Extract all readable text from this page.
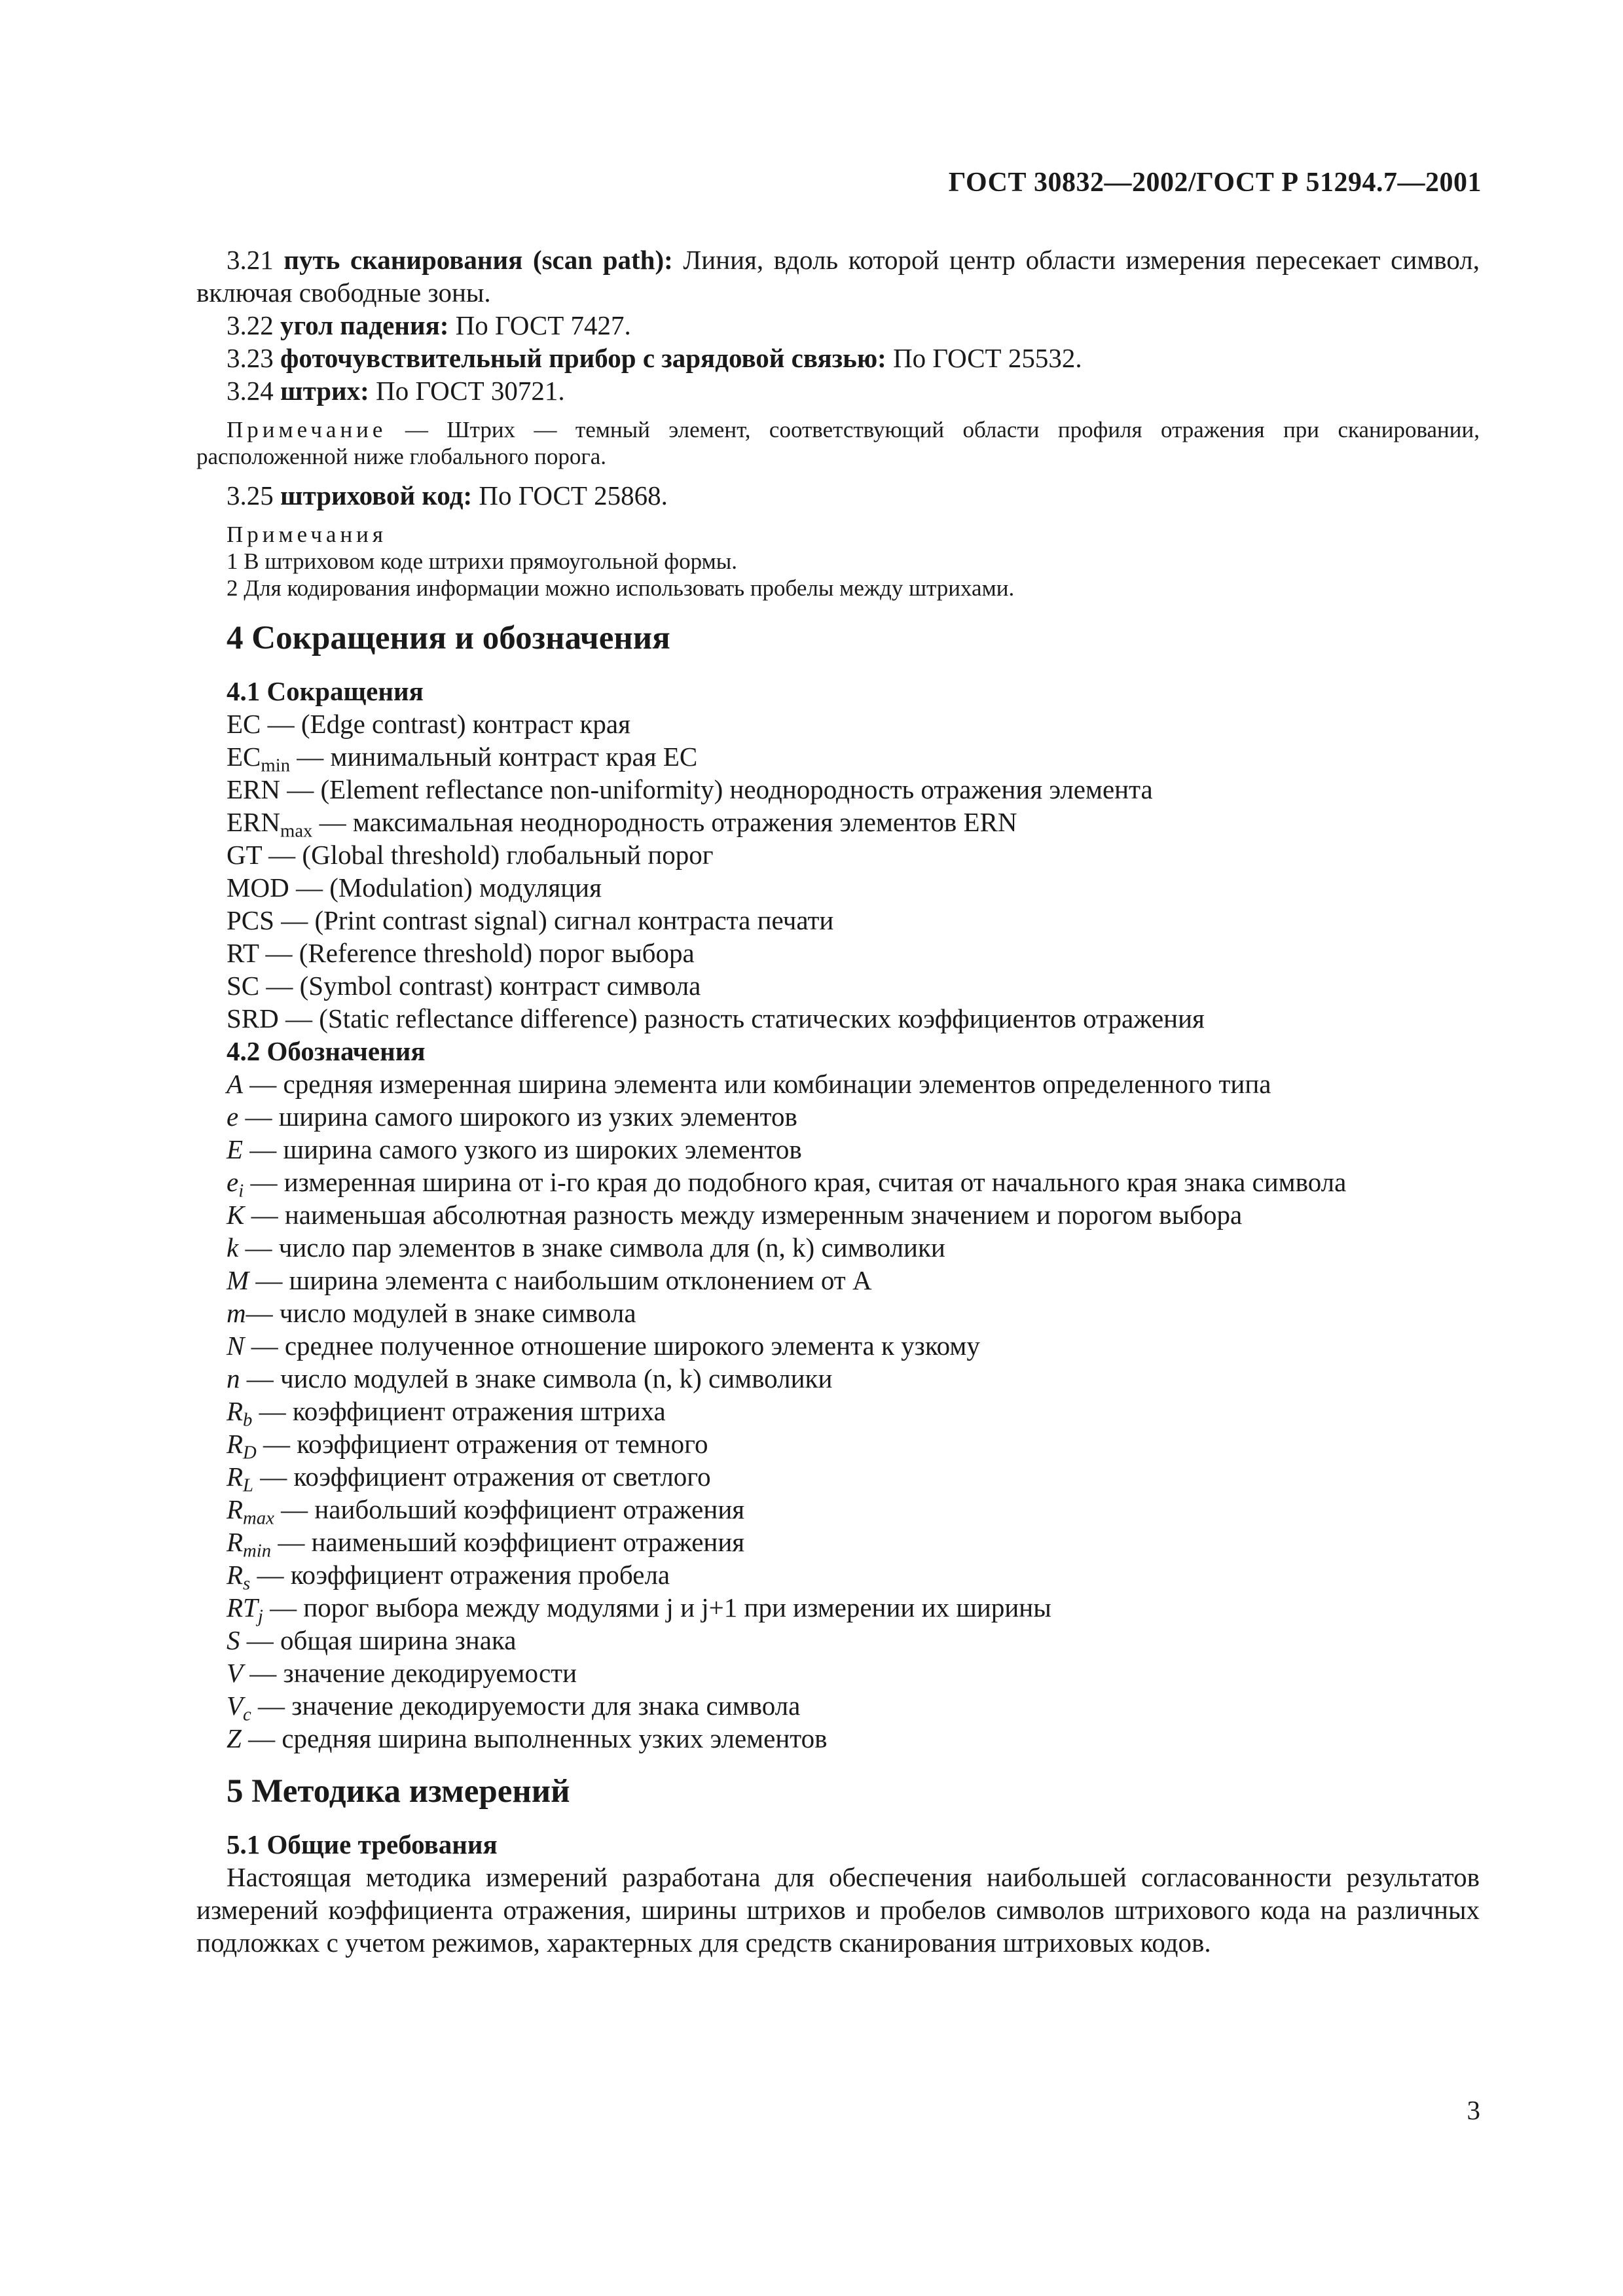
ГОСТ 30832—2002/ГОСТ Р 51294.7—2001

3.21 путь сканирования (scan path): Линия, вдоль которой центр области измерения пересекает символ, включая свободные зоны.

3.22 угол падения: По ГОСТ 7427.

3.23 фоточувствительный прибор с зарядовой связью: По ГОСТ 25532.

3.24 штрих: По ГОСТ 30721.

Примечание — Штрих — темный элемент, соответствующий области профиля отражения при сканировании, расположенной ниже глобального порога.

3.25 штриховой код: По ГОСТ 25868.

Примечания

1 В штриховом коде штрихи прямоугольной формы.

2 Для кодирования информации можно использовать пробелы между штрихами.

4 Сокращения и обозначения

4.1 Сокращения

EC — (Edge contrast) контраст края

$EC_{min}$ — минимальный контраст края EC

ERN — (Element reflectance non-uniformity) неоднородность отражения элемента

$ERN_{max}$ — максимальная неоднородность отражения элементов ERN

GT — (Global threshold) глобальный порог

MOD — (Modulation) модуляция

PCS — (Print contrast signal) сигнал контраста печати

RT — (Reference threshold) порог выбора

SC — (Symbol contrast) контраст символа

SRD — (Static reflectance difference) разность статических коэффициентов отражения

4.2 Обозначения

A — средняя измеренная ширина элемента или комбинации элементов определенного типа

e — ширина самого широкого из узких элементов

E — ширина самого узкого из широких элементов

$e_i$ — измеренная ширина от i-го края до подобного края, считая от начального края знака символа

K — наименьшая абсолютная разность между измеренным значением и порогом выбора

k — число пар элементов в знаке символа для (n, k) символики

M — ширина элемента с наибольшим отклонением от A

m— число модулей в знаке символа

N — среднее полученное отношение широкого элемента к узкому

n — число модулей в знаке символа (n, k) символики

$R_b$ — коэффициент отражения штриха

$R_D$ — коэффициент отражения от темного

$R_L$ — коэффициент отражения от светлого

$R_{max}$ — наибольший коэффициент отражения

$R_{min}$ — наименьший коэффициент отражения

$R_s$ — коэффициент отражения пробела

$RT_j$ — порог выбора между модулями j и j+1 при измерении их ширины

S — общая ширина знака

V — значение декодируемости

$V_c$ — значение декодируемости для знака символа

Z — средняя ширина выполненных узких элементов

5 Методика измерений

5.1 Общие требования

Настоящая методика измерений разработана для обеспечения наибольшей согласованности результатов измерений коэффициента отражения, ширины штрихов и пробелов символов штрихового кода на различных подложках с учетом режимов, характерных для средств сканирования штриховых кодов.

3
